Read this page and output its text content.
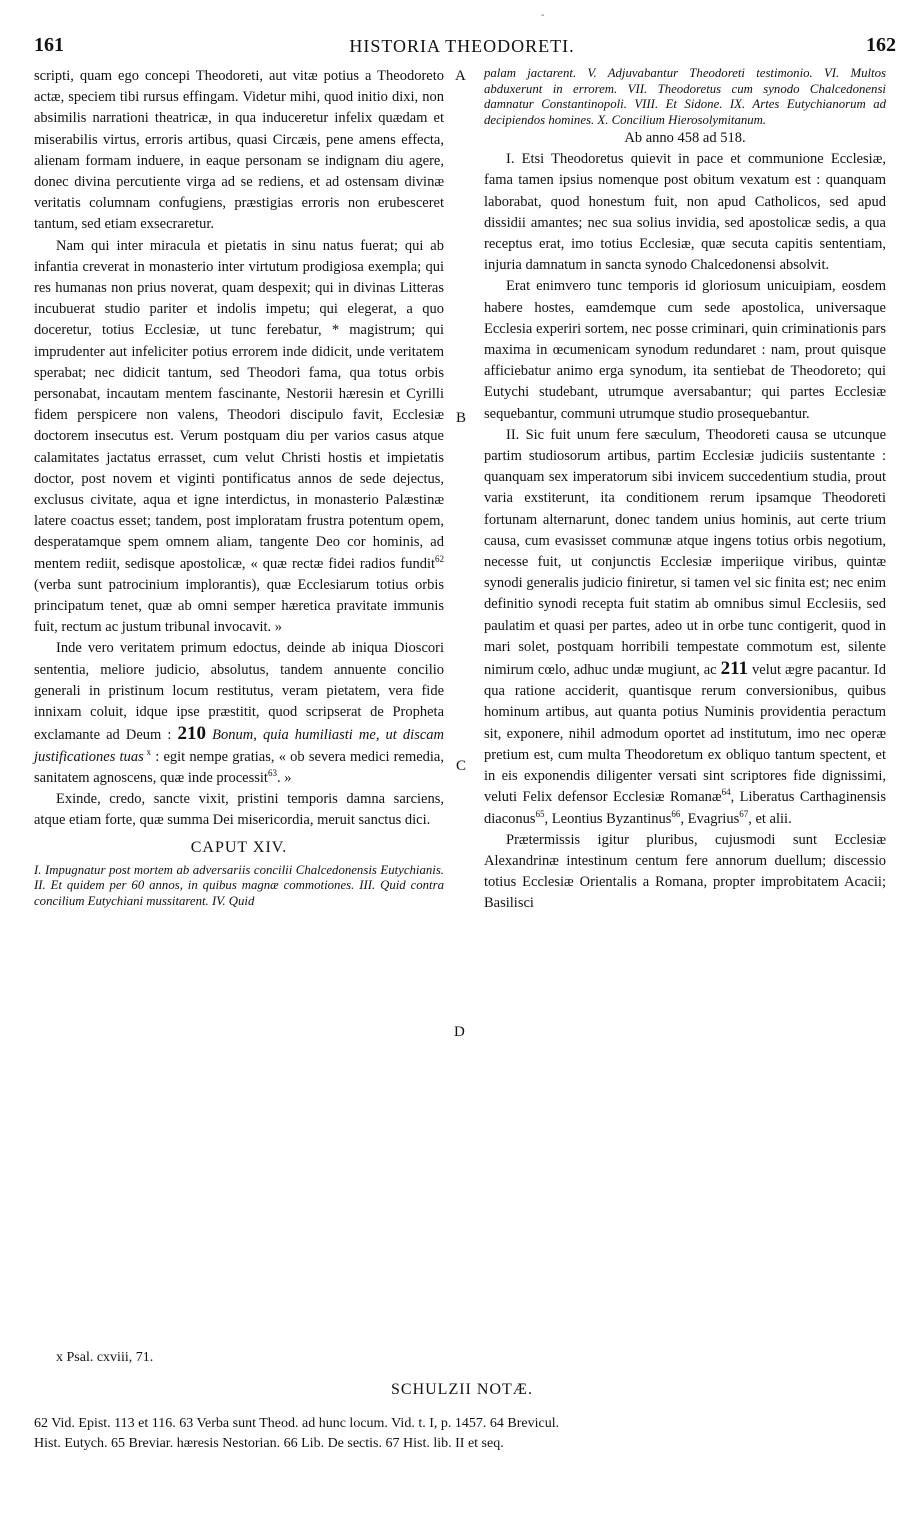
-
161	HISTORIA THEODORETI.	162

scripti, quam ego concepi Theodoreti, aut vitæ potius a Theodoreto actæ, speciem tibi rursus effingam. Videtur mihi, quod initio dixi, non absimilis narrationi theatricæ, in qua induceretur infelix quædam et miserabilis virtus, erroris artibus, quasi Circæis, pene amens effecta, alienam formam induere, in eaque personam se indignam diu agere, donec divina percutiente virga ad se rediens, et ad ostensam divinæ veritatis columnam confugiens, præstigias erroris non erubesceret tantum, sed etiam exsecraretur.

Nam qui inter miracula et pietatis in sinu natus fuerat; qui ab infantia creverat in monasterio inter virtutum prodigiosa exempla; qui res humanas non prius noverat, quam despexit; qui in divinas Litteras incubuerat studio pariter et indolis impetu; qui elegerat, a quo doceretur, totius Ecclesiæ, ut tunc ferebatur, * magistrum; qui imprudenter aut infeliciter potius errorem inde didicit, unde veritatem sperabat; nec didicit tantum, sed Theodori fama, qua totus orbis personabat, incautam mentem fascinante, Nestorii hæresin et Cyrilli fidem perspicere non valens, Theodori discipulo favit, Ecclesiæ doctorem insecutus est. Verum postquam diu per varios casus atque calamitates jactatus errasset, cum velut Christi hostis et impietatis doctor, post novem et viginti pontificatus annos de sede dejectus, exclusus civitate, aqua et igne interdictus, in monasterio Palæstinæ latere coactus esset; tandem, post imploratam frustra potentum opem, desperatamque spem omnem aliam, tangente Deo cor hominis, ad mentem rediit, sedisque apostolicæ, « quæ rectæ fidei radios fundit$^{62}$ (verba sunt patrocinium implorantis), quæ Ecclesiarum totius orbis principatum tenet, quæ ab omni semper hæretica pravitate immunis fuit, rectum ac justum tribunal invocavit. »

Inde vero veritatem primum edoctus, deinde ab iniqua Dioscori sententia, meliore judicio, absolutus, tandem annuente concilio generali in pristinum locum restitutus, veram pietatem, vera fide innixam coluit, idque ipse præstitit, quod scripserat de Propheta exclamante ad Deum : 210 Bonum, quia humiliasti me, ut discam justificationes tuas $^x$ : egit nempe gratias, « ob severa medici remedia, sanitatem agnoscens, quæ inde processit$^{63}$. »

Exinde, credo, sancte vixit, pristini temporis damna sarciens, atque etiam forte, quæ summa Dei misericordia, meruit sanctus dici.

CAPUT XIV.

I. Impugnatur post mortem ab adversariis concilii Chalcedonensis Eutychianis. II. Et quidem per 60 annos, in quibus magnæ commotiones. III. Quid contra concilium Eutychiani mussitarent. IV. Quid

palam jactarent. V. Adjuvabantur Theodoreti testimonio. VI. Multos abduxerunt in errorem. VII. Theodoretus cum synodo Chalcedonensi damnatur Constantinopoli. VIII. Et Sidone. IX. Artes Eutychianorum ad decipiendos homines. X. Concilium Hierosolymitanum.

Ab anno 458 ad 518.

I. Etsi Theodoretus quievit in pace et communione Ecclesiæ, fama tamen ipsius nomenque post obitum vexatum est : quanquam laborabat, quod honestum fuit, non apud Catholicos, sed apud dissidii amantes; nec sua solius invidia, sed apostolicæ sedis, a qua receptus erat, imo totius Ecclesiæ, quæ secuta capitis sententiam, injuria damnatum in sancta synodo Chalcedonensi absolvit.

Erat enimvero tunc temporis id gloriosum unicuipiam, eosdem habere hostes, eamdemque cum sede apostolica, universaque Ecclesia experiri sortem, nec posse criminari, quin criminationis pars maxima in œcumenicam synodum redundaret : nam, prout quisque afficiebatur animo erga synodum, ita sentiebat de Theodoreto; qui Eutychi studebant, utrumque aversabantur; qui partes Ecclesiæ sequebantur, communi utrumque studio prosequebantur.

II. Sic fuit unum fere sæculum, Theodoreti causa se utcunque partim studiosorum artibus, partim Ecclesiæ judiciis sustentante : quanquam sex imperatorum sibi invicem succedentium studia, prout varia exstiterunt, ita conditionem rerum ipsamque Theodoreti fortunam alternarunt, donec tandem unius hominis, aut certe trium causa, cum evasisset communæ atque ingens totius orbis negotium, necesse fuit, ut conjunctis Ecclesiæ imperiique viribus, quintæ synodi generalis judicio finiretur, si tamen vel sic finita est; nec enim definitio synodi recepta fuit statim ab omnibus simul Ecclesiis, sed paulatim et quasi per partes, adeo ut in orbe tunc contigerit, quod in mari solet, postquam horribili tempestate commotum est, silente nimirum cœlo, adhuc undæ mugiunt, ac 211 velut ægre pacantur. Id qua ratione acciderit, quantisque rerum conversionibus, quibus hominum artibus, aut quanta potius Numinis providentia peractum sit, exponere, nihil admodum oportet ad institutum, imo nec operæ pretium est, cum multa Theodoretum ex obliquo tantum spectent, et in eis exponendis diligenter versati sint scriptores fide dignissimi, veluti Felix defensor Ecclesiæ Romanæ$^{64}$, Liberatus Carthaginensis diaconus$^{65}$, Leontius Byzantinus$^{66}$, Evagrius$^{67}$, et alii.

Prætermissis igitur pluribus, cujusmodi sunt Ecclesiæ Alexandrinæ intestinum centum fere annorum duellum; discessio totius Ecclesiæ Orientalis a Romana, propter improbitatem Acacii; Basilisci

A
B
C
D
x Psal. cxviii, 71.
SCHULZII NOTÆ.
62 Vid. Epist. 113 et 116. 63 Verba sunt Theod. ad hunc locum. Vid. t. I, p. 1457. 64 Brevicul.
Hist. Eutych. 65 Breviar. hæresis Nestorian. 66 Lib. De sectis. 67 Hist. lib. II et seq.
